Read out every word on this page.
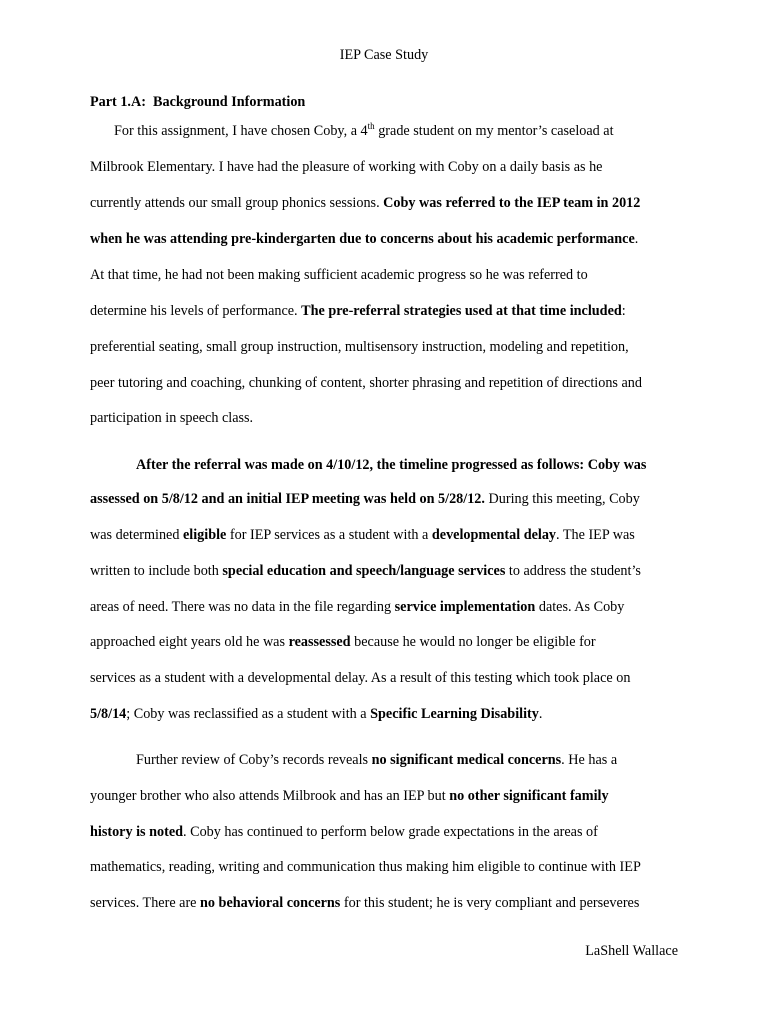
IEP Case Study
Part 1.A:  Background Information
For this assignment, I have chosen Coby, a 4th grade student on my mentor’s caseload at
Milbrook Elementary. I have had the pleasure of working with Coby on a daily basis as he
currently attends our small group phonics sessions. Coby was referred to the IEP team in 2012
when he was attending pre-kindergarten due to concerns about his academic performance.
At that time, he had not been making sufficient academic progress so he was referred to
determine his levels of performance. The pre-referral strategies used at that time included:
preferential seating, small group instruction, multisensory instruction, modeling and repetition,
peer tutoring and coaching, chunking of content, shorter phrasing and repetition of directions and
participation in speech class.
After the referral was made on 4/10/12, the timeline progressed as follows: Coby was
assessed on 5/8/12 and an initial IEP meeting was held on 5/28/12. During this meeting, Coby
was determined eligible for IEP services as a student with a developmental delay. The IEP was
written to include both special education and speech/language services to address the student’s
areas of need. There was no data in the file regarding service implementation dates. As Coby
approached eight years old he was reassessed because he would no longer be eligible for
services as a student with a developmental delay. As a result of this testing which took place on
5/8/14; Coby was reclassified as a student with a Specific Learning Disability.
Further review of Coby’s records reveals no significant medical concerns. He has a
younger brother who also attends Milbrook and has an IEP but no other significant family
history is noted. Coby has continued to perform below grade expectations in the areas of
mathematics, reading, writing and communication thus making him eligible to continue with IEP
services. There are no behavioral concerns for this student; he is very compliant and perseveres
LaShell Wallace
